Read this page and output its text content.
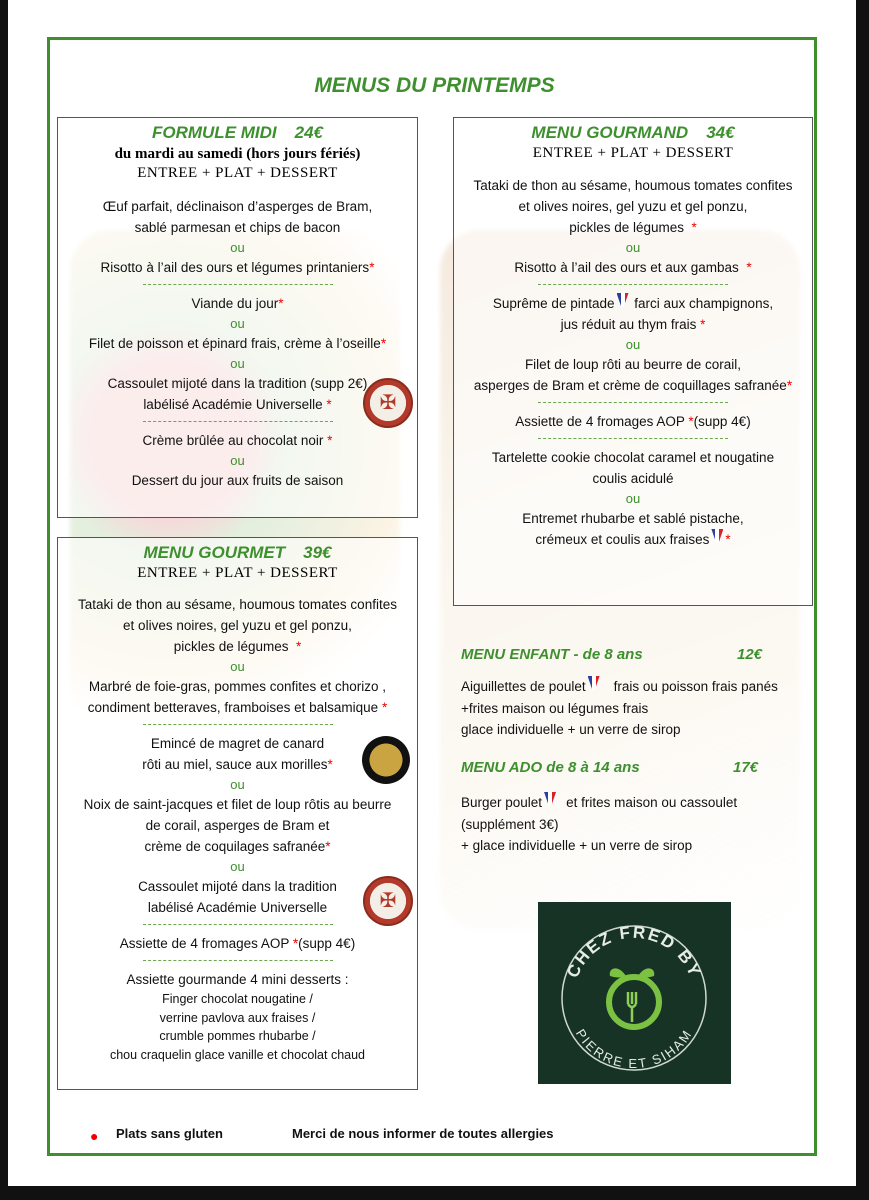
MENUS DU PRINTEMPS
FORMULE MIDI 24€
du mardi au samedi (hors jours fériés)
ENTREE + PLAT + DESSERT
Œuf parfait, déclinaison d’asperges de Bram,
sablé parmesan et chips de bacon
ou
Risotto à l’ail des ours et légumes printaniers*
Viande du jour*
ou
Filet de poisson et épinard frais, crème à l’oseille*
ou
Cassoulet mijoté dans la tradition (supp 2€)
labélisé Académie Universelle *
Crème brûlée au chocolat noir *
ou
Dessert du jour aux fruits de saison
✠
MENU GOURMET 39€
ENTREE + PLAT + DESSERT
Tataki de thon au sésame, houmous tomates confites
et olives noires, gel yuzu et gel ponzu,
pickles de légumes *
ou
Marbré de foie-gras, pommes confites et chorizo ,
condiment betteraves, framboises et balsamique *
Emincé de magret de canard
rôti au miel, sauce aux morilles*
ou
Noix de saint-jacques et filet de loup rôtis au beurre
de corail, asperges de Bram et
crème de coquilages safranée*
ou
Cassoulet mijoté dans la tradition
labélisé Académie Universelle
Assiette de 4 fromages AOP *(supp 4€)
Assiette gourmande 4 mini desserts :
Finger chocolat nougatine /
verrine pavlova aux fraises /
crumble pommes rhubarbe /
chou craquelin glace vanille et chocolat chaud
✠
MENU GOURMAND 34€
ENTREE + PLAT + DESSERT
Tataki de thon au sésame, houmous tomates confites
et olives noires, gel yuzu et gel ponzu,
pickles de légumes *
ou
Risotto à l’ail des ours et aux gambas *
Suprême de pintade farci aux champignons,
jus réduit au thym frais *
ou
Filet de loup rôti au beurre de corail,
asperges de Bram et crème de coquillages safranée*
Assiette de 4 fromages AOP *(supp 4€)
Tartelette cookie chocolat caramel et nougatine
coulis acidulé
ou
Entremet rhubarbe et sablé pistache,
crémeux et coulis aux fraises *
MENU ENFANT - de 8 ans	12€
Aiguillettes de poulet frais ou poisson frais panés
+frites maison ou légumes frais
glace individuelle + un verre de sirop
MENU ADO de 8 à 14 ans	17€
Burger poulet et frites maison ou cassoulet
(supplément 3€)
+ glace individuelle + un verre de sirop
CHEZ FRED BY
PIERRE ET SIHAM
● Plats sans gluten	Merci de nous informer de toutes allergies
